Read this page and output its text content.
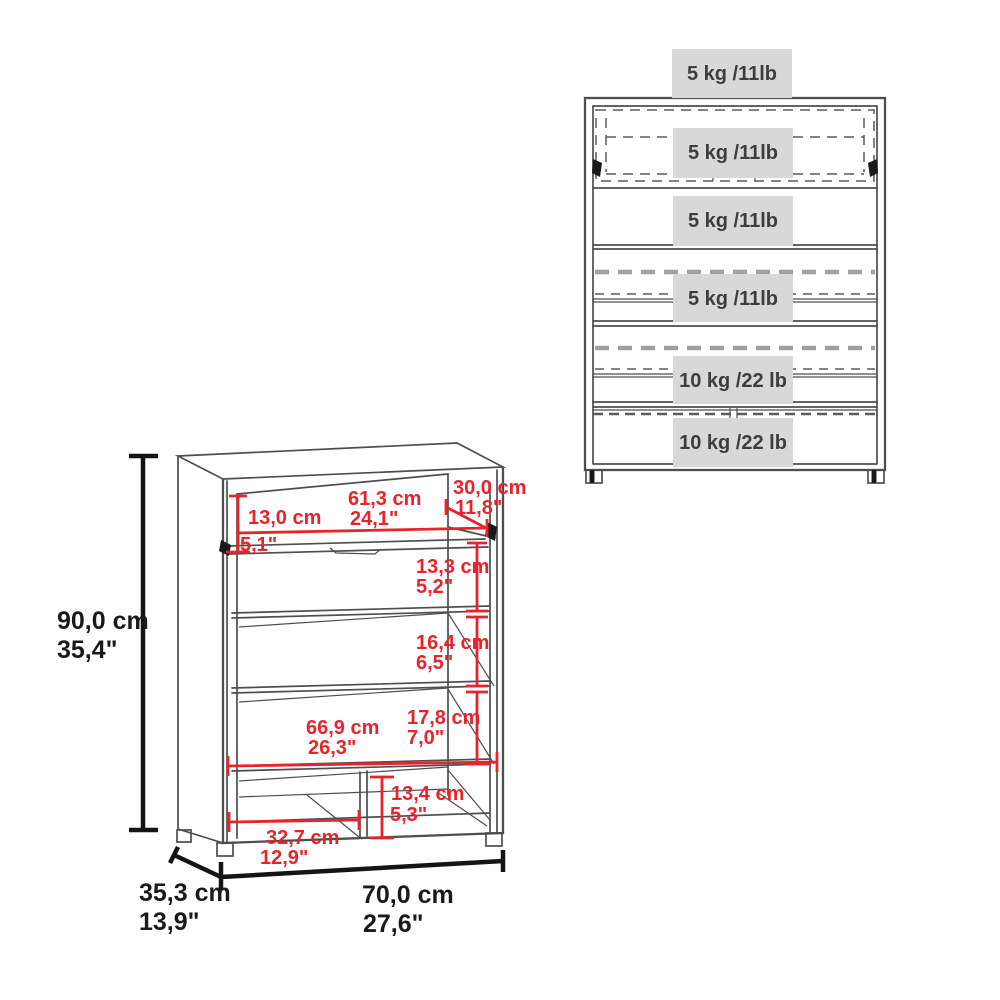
13,0 cm
5,1"
61,3 cm
24,1"
30,0 cm
11,8"
13,3 cm
5,2"
16,4 cm
6,5"
17,8 cm
7,0"
66,9 cm
26,3"
13,4 cm
5,3"
32,7 cm
12,9"
90,0 cm
35,4"
35,3 cm
13,9"
70,0 cm
27,6"
5 kg /11lb
5 kg /11lb
5 kg /11lb
5 kg /11lb
10 kg /22 lb
10 kg /22 lb
